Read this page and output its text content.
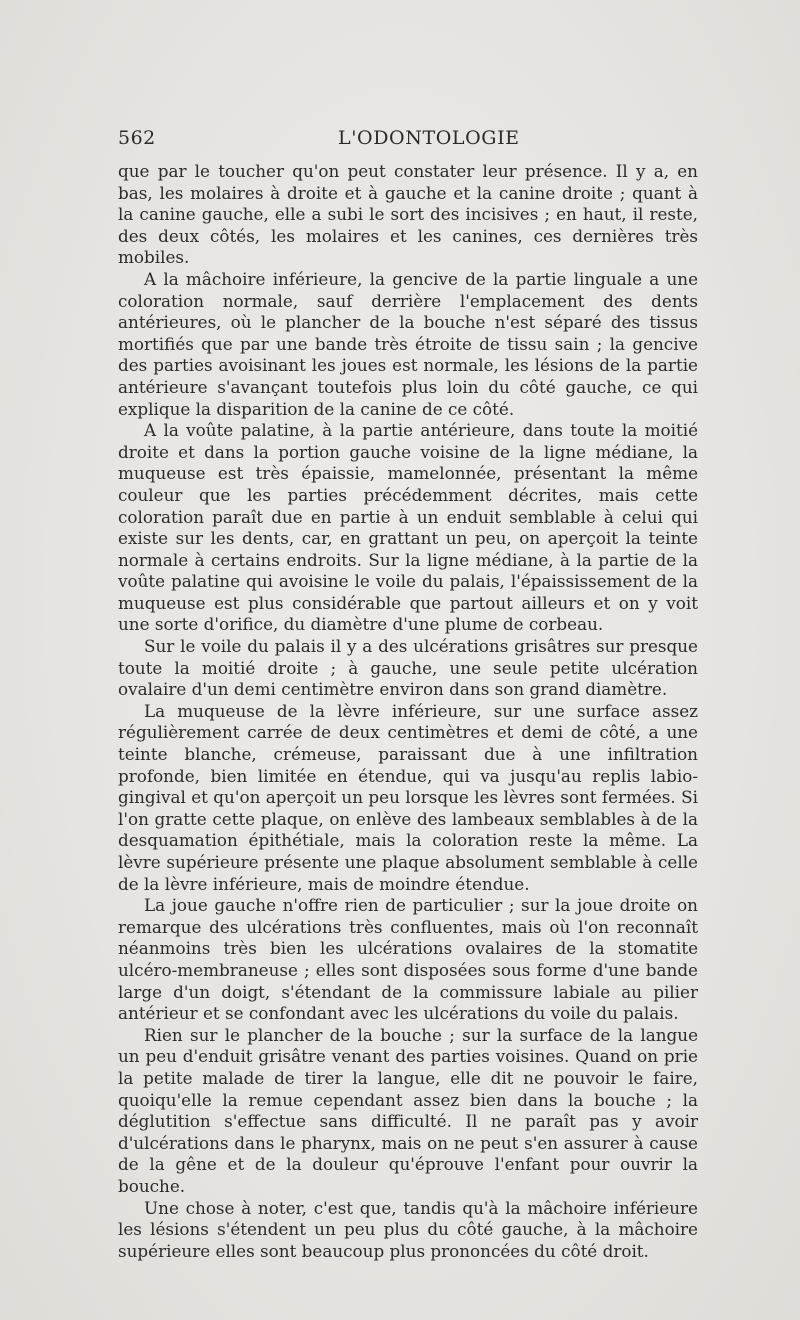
562	L'ODONTOLOGIE

que par le toucher qu'on peut constater leur présence. Il y a, en bas, les molaires à droite et à gauche et la canine droite ; quant à la canine gauche, elle a subi le sort des incisives ; en haut, il reste, des deux côtés, les molaires et les canines, ces dernières très mobiles.

A la mâchoire inférieure, la gencive de la partie linguale a une coloration normale, sauf derrière l'emplacement des dents antérieures, où le plancher de la bouche n'est séparé des tissus mortifiés que par une bande très étroite de tissu sain ; la gencive des parties avoisinant les joues est normale, les lésions de la partie antérieure s'avançant toutefois plus loin du côté gauche, ce qui explique la disparition de la canine de ce côté.

A la voûte palatine, à la partie antérieure, dans toute la moitié droite et dans la portion gauche voisine de la ligne médiane, la muqueuse est très épaissie, mamelonnée, présentant la même couleur que les parties précédemment décrites, mais cette coloration paraît due en partie à un enduit semblable à celui qui existe sur les dents, car, en grattant un peu, on aperçoit la teinte normale à certains endroits. Sur la ligne médiane, à la partie de la voûte palatine qui avoisine le voile du palais, l'épaississement de la muqueuse est plus considérable que partout ailleurs et on y voit une sorte d'orifice, du diamètre d'une plume de corbeau.

Sur le voile du palais il y a des ulcérations grisâtres sur presque toute la moitié droite ; à gauche, une seule petite ulcération ovalaire d'un demi centimètre environ dans son grand diamètre.

La muqueuse de la lèvre inférieure, sur une surface assez régulièrement carrée de deux centimètres et demi de côté, a une teinte blanche, crémeuse, paraissant due à une infiltration profonde, bien limitée en étendue, qui va jusqu'au replis labio-gingival et qu'on aperçoit un peu lorsque les lèvres sont fermées. Si l'on gratte cette plaque, on enlève des lambeaux semblables à de la desquamation épithétiale, mais la coloration reste la même. La lèvre supérieure présente une plaque absolument semblable à celle de la lèvre inférieure, mais de moindre étendue.

La joue gauche n'offre rien de particulier ; sur la joue droite on remarque des ulcérations très confluentes, mais où l'on reconnaît néanmoins très bien les ulcérations ovalaires de la stomatite ulcéro-membraneuse ; elles sont disposées sous forme d'une bande large d'un doigt, s'étendant de la commissure labiale au pilier antérieur et se confondant avec les ulcérations du voile du palais.

Rien sur le plancher de la bouche ; sur la surface de la langue un peu d'enduit grisâtre venant des parties voisines. Quand on prie la petite malade de tirer la langue, elle dit ne pouvoir le faire, quoiqu'elle la remue cependant assez bien dans la bouche ; la déglutition s'effectue sans difficulté. Il ne paraît pas y avoir d'ulcérations dans le pharynx, mais on ne peut s'en assurer à cause de la gêne et de la douleur qu'éprouve l'enfant pour ouvrir la bouche.

Une chose à noter, c'est que, tandis qu'à la mâchoire inférieure les lésions s'étendent un peu plus du côté gauche, à la mâchoire supérieure elles sont beaucoup plus prononcées du côté droit.
